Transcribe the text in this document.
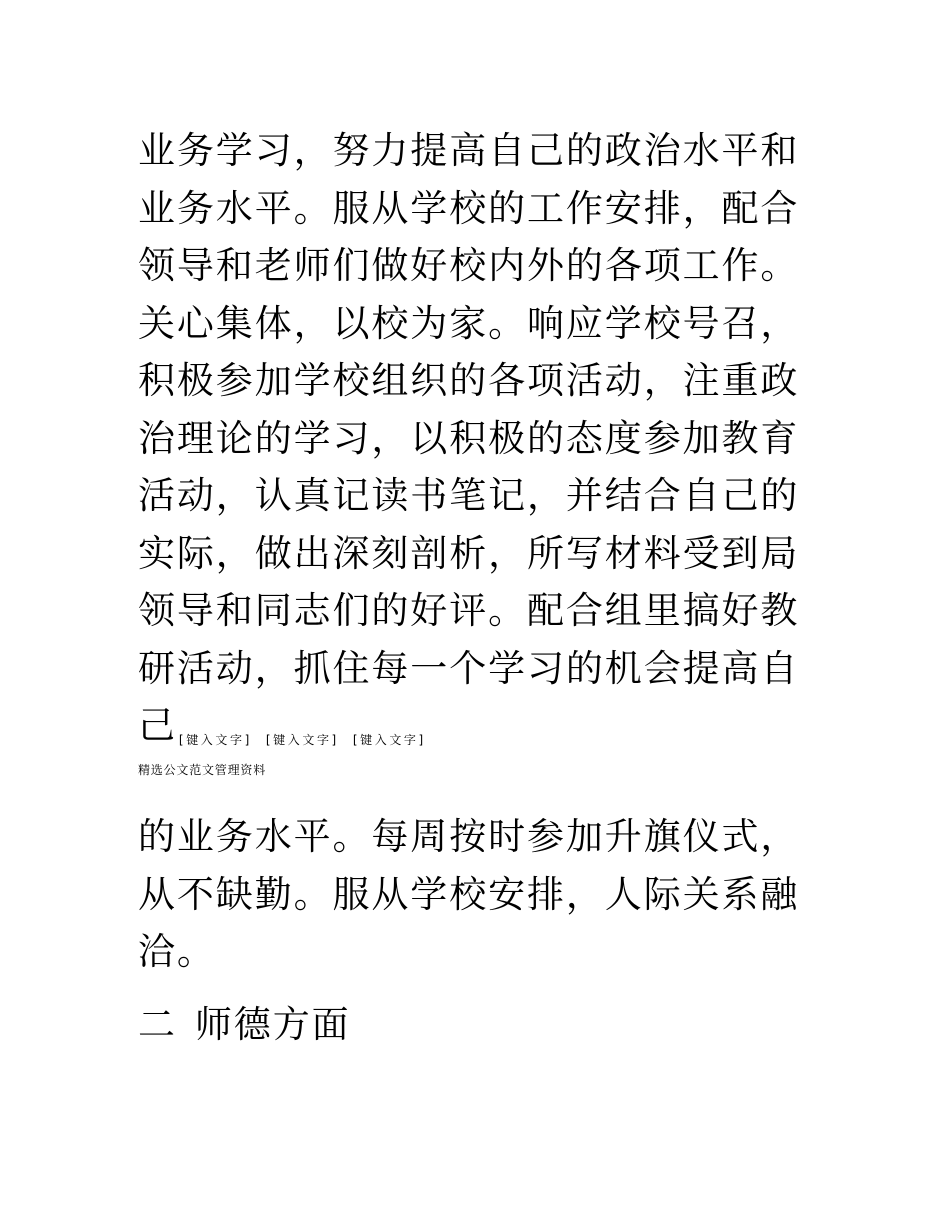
业务学习，努力提高自己的政治水平和
业务水平。服从学校的工作安排，配合
领导和老师们做好校内外的各项工作。
关心集体，以校为家。响应学校号召，
积极参加学校组织的各项活动，注重政
治理论的学习，以积极的态度参加教育
活动，认真记读书笔记，并结合自己的
实际，做出深刻剖析，所写材料受到局
领导和同志们的好评。配合组里搞好教
研活动，抓住每一个学习的机会提高自
己 [键入文字] [键入文字] [键入文字]
精选公文范文管理资料
的业务水平。每周按时参加升旗仪式，
从不缺勤。服从学校安排，人际关系融
洽。
二 师德方面
